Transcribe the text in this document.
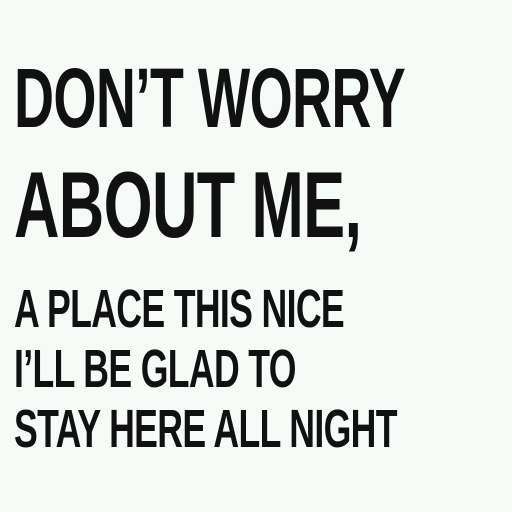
DON’T WORRY

ABOUT ME,

A PLACE THIS NICE

I’LL BE GLAD TO

STAY HERE ALL NIGHT
